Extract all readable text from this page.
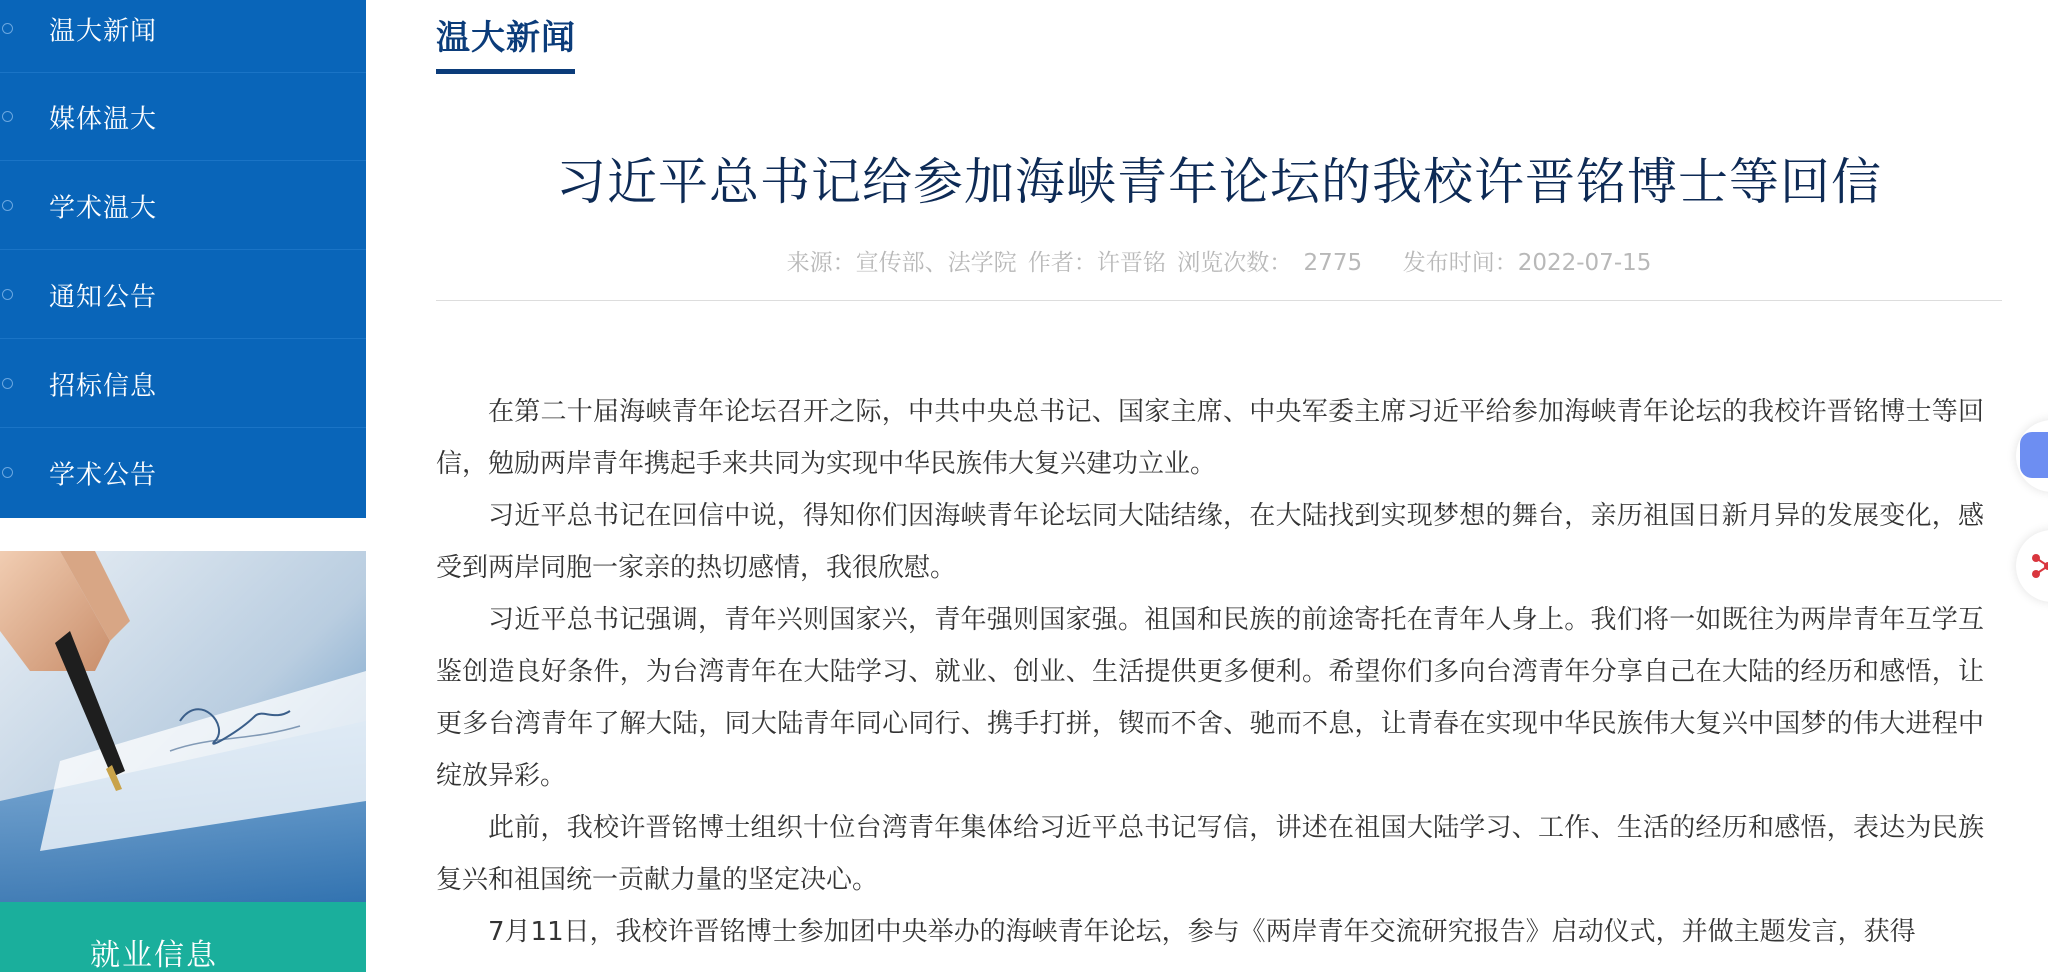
温大新闻
媒体温大
学术温大
通知公告
招标信息
学术公告
就业信息
温大新闻
习近平总书记给参加海峡青年论坛的我校许晋铭博士等回信
来源：宣传部、法学院 作者：许晋铭 浏览次数： 2775 发布时间：2022-07-15

在第二十届海峡青年论坛召开之际，中共中央总书记、国家主席、中央军委主席习近平给参加海峡青年论坛的我校许晋铭博士等回信，勉励两岸青年携起手来共同为实现中华民族伟大复兴建功立业。

习近平总书记在回信中说，得知你们因海峡青年论坛同大陆结缘，在大陆找到实现梦想的舞台，亲历祖国日新月异的发展变化，感受到两岸同胞一家亲的热切感情，我很欣慰。

习近平总书记强调，青年兴则国家兴，青年强则国家强。祖国和民族的前途寄托在青年人身上。我们将一如既往为两岸青年互学互鉴创造良好条件，为台湾青年在大陆学习、就业、创业、生活提供更多便利。希望你们多向台湾青年分享自己在大陆的经历和感悟，让更多台湾青年了解大陆，同大陆青年同心同行、携手打拼，锲而不舍、驰而不息，让青春在实现中华民族伟大复兴中国梦的伟大进程中绽放异彩。

此前，我校许晋铭博士组织十位台湾青年集体给习近平总书记写信，讲述在祖国大陆学习、工作、生活的经历和感悟，表达为民族复兴和祖国统一贡献力量的坚定决心。

7月11日，我校许晋铭博士参加团中央举办的海峡青年论坛，参与《两岸青年交流研究报告》启动仪式，并做主题发言，获得
